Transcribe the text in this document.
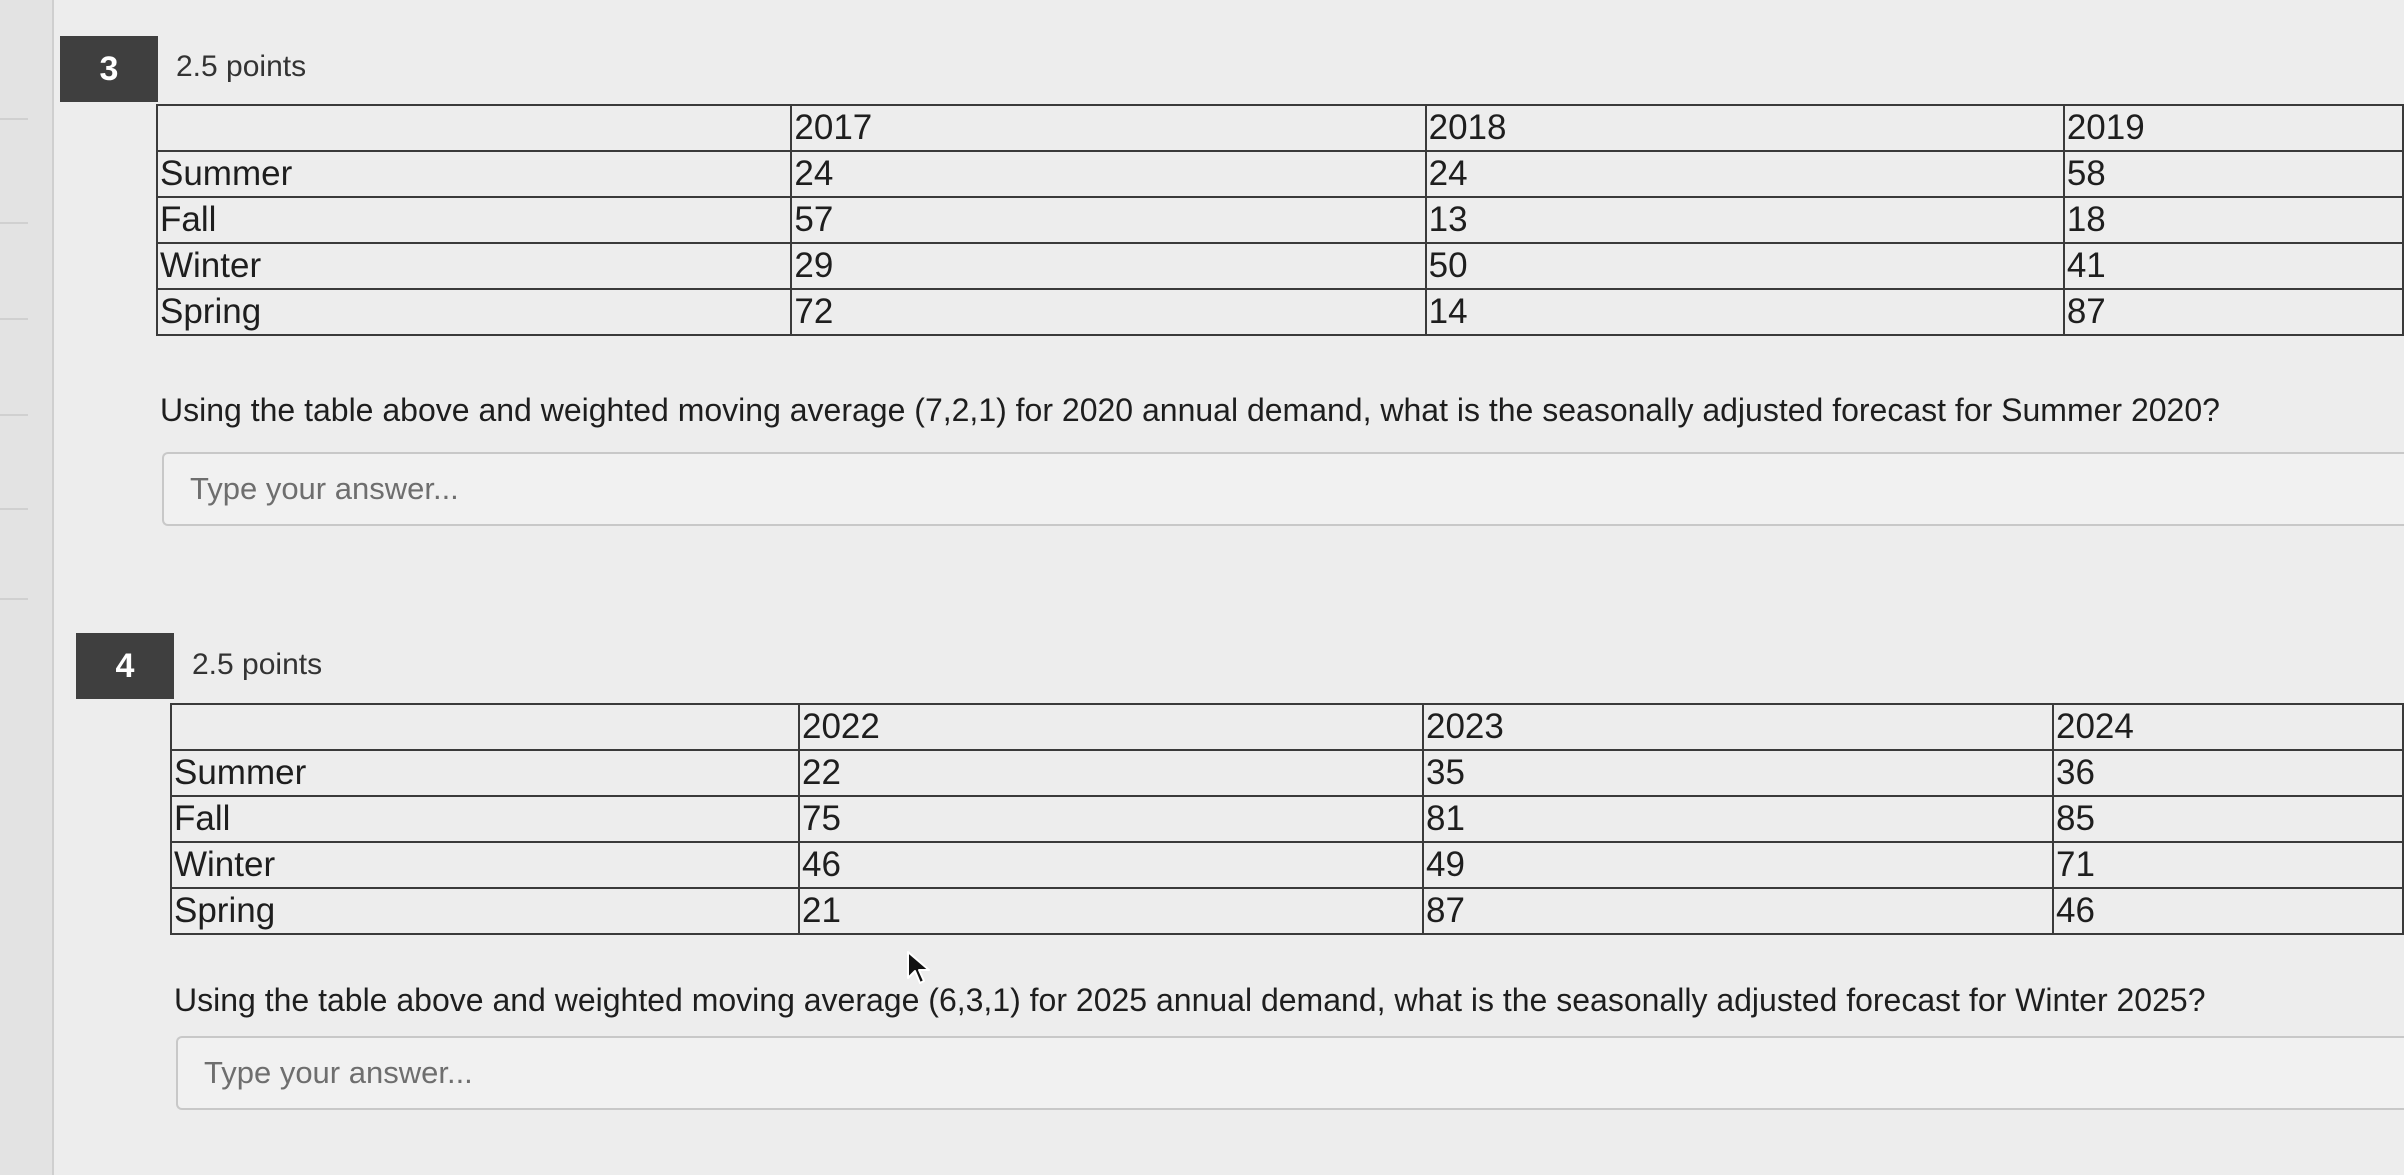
3	2.5 points
	2017	2018	2019
Summer	24	24	58
Fall	57	13	18
Winter	29	50	41
Spring	72	14	87
Using the table above and weighted moving average (7,2,1) for 2020 annual demand, what is the seasonally adjusted forecast for Summer 2020?
Type your answer...
4	2.5 points
	2022	2023	2024
Summer	22	35	36
Fall	75	81	85
Winter	46	49	71
Spring	21	87	46
Using the table above and weighted moving average (6,3,1) for 2025 annual demand, what is the seasonally adjusted forecast for Winter 2025?
Type your answer...
